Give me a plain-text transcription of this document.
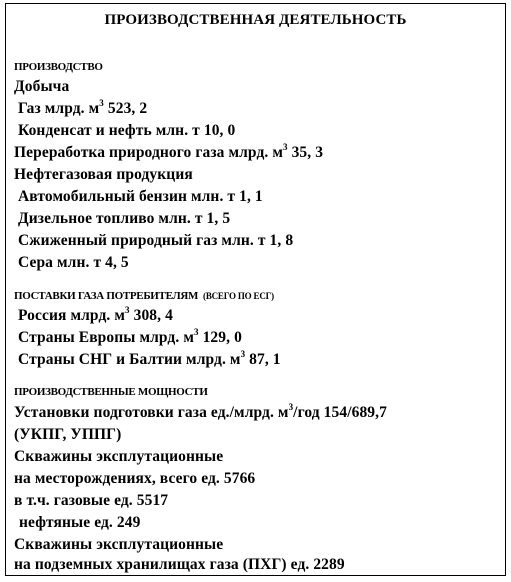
ПРОИЗВОДСТВЕННАЯ ДЕЯТЕЛЬНОСТЬ
ПРОИЗВОДСТВО
Добыча
Газ млрд. $м^3$ 523, 2
Конденсат и нефть млн. т 10, 0
Переработка природного газа млрд. $м^3$ 35, 3
Нефтегазовая продукция
Автомобильный бензин млн. т 1, 1
Дизельное топливо млн. т 1, 5
Сжиженный природный газ млн. т 1, 8
Сера млн. т 4, 5
ПОСТАВКИ ГАЗА ПОТРЕБИТЕЛЯМ (ВСЕГО ПО ЕСГ)
Россия млрд. $м^3$ 308, 4
Страны Европы млрд. $м^3$ 129, 0
Страны СНГ и Балтии млрд. $м^3$ 87, 1
ПРОИЗВОДСТВЕННЫЕ МОЩНОСТИ
Установки подготовки газа ед./млрд. $м^3$/год 154/689,7
(УКПГ, УППГ)
Скважины эксплутационные
на месторождениях, всего ед. 5766
в т.ч. газовые ед. 5517
нефтяные ед. 249
Скважины эксплутационные
на подземных хранилищах газа (ПХГ) ед. 2289
